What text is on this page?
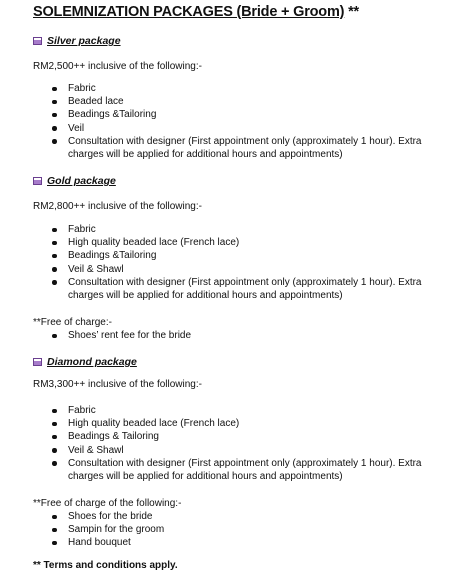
SOLEMNIZATION PACKAGES (Bride + Groom) **
Silver package
RM2,500++ inclusive of the following:-
Fabric
Beaded lace
Beadings &Tailoring
Veil
Consultation with designer (First appointment only (approximately 1 hour). Extra charges will be applied for additional hours and appointments)
Gold package
RM2,800++ inclusive of the following:-
Fabric
High quality beaded lace (French lace)
Beadings &Tailoring
Veil & Shawl
Consultation with designer (First appointment only (approximately 1 hour). Extra charges will be applied for additional hours and appointments)
**Free of charge:-
Shoes’ rent fee for the bride
Diamond package
RM3,300++ inclusive of the following:-
Fabric
High quality beaded lace (French lace)
Beadings & Tailoring
Veil & Shawl
Consultation with designer (First appointment only (approximately 1 hour). Extra charges will be applied for additional hours and appointments)
**Free of charge of the following:-
Shoes for the bride
Sampin for the groom
Hand bouquet
** Terms and conditions apply.
